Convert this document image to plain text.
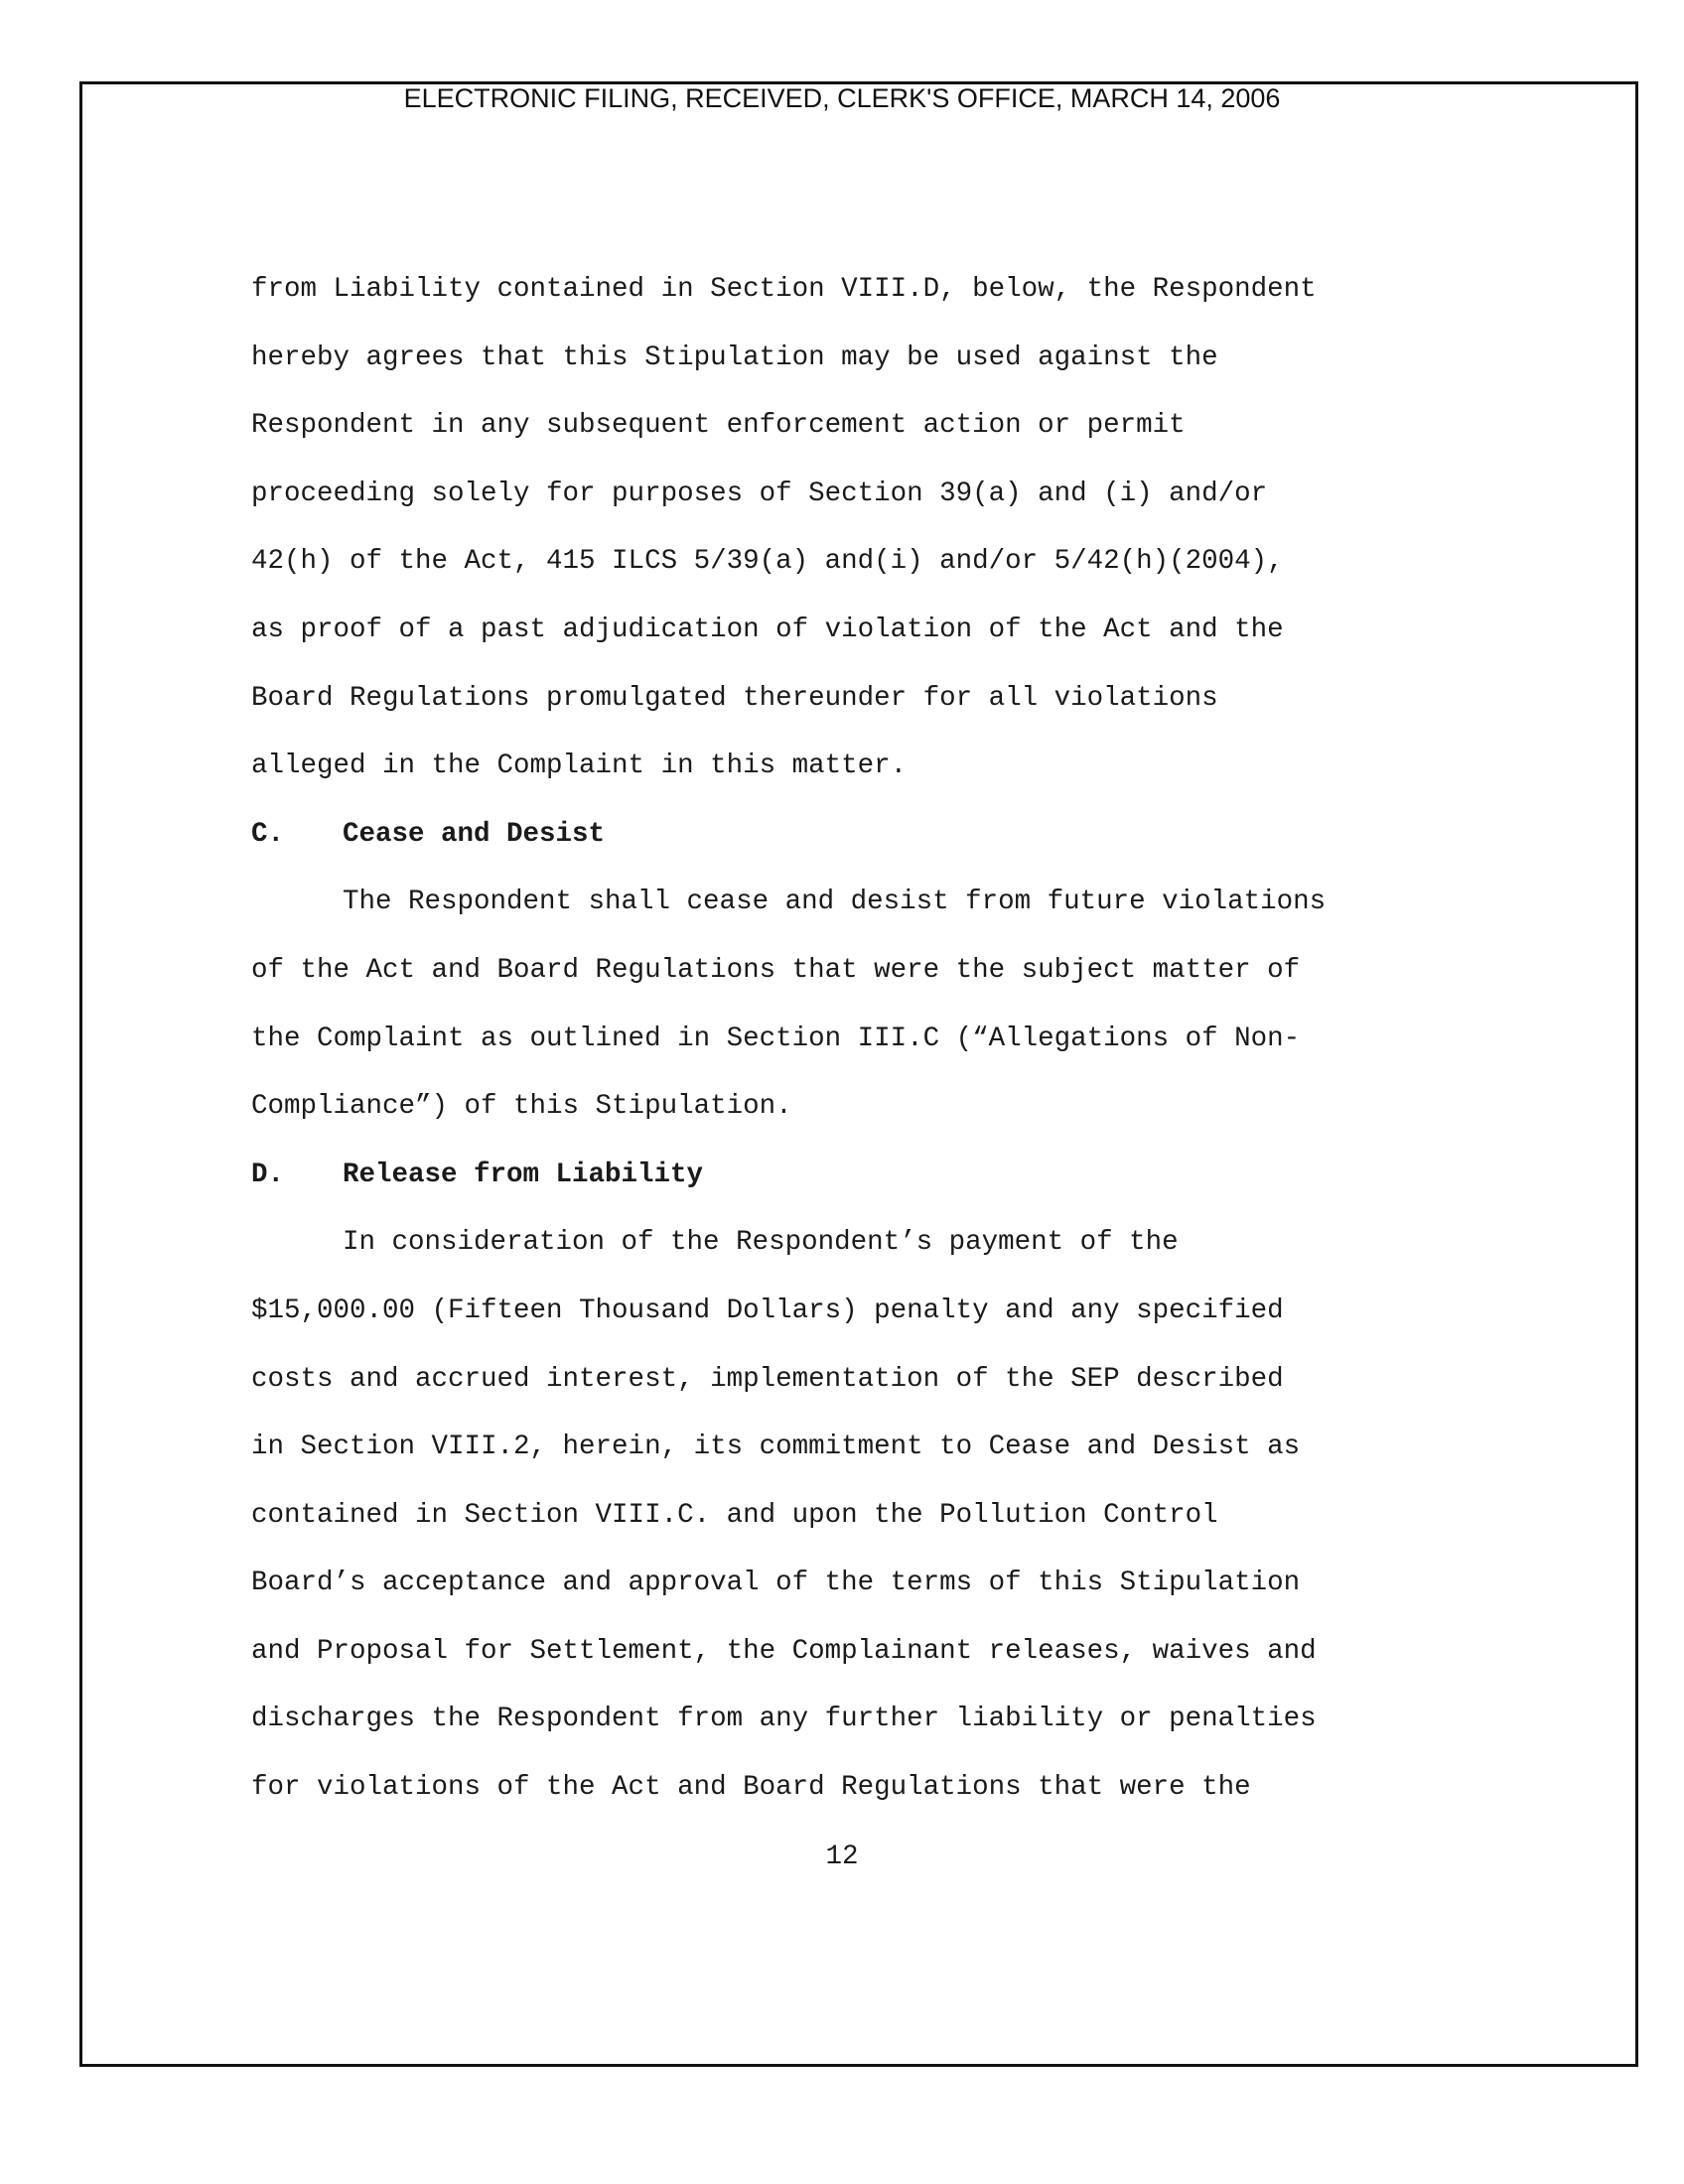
ELECTRONIC FILING, RECEIVED, CLERK'S OFFICE, MARCH 14, 2006
from Liability contained in Section VIII.D, below, the Respondent
hereby agrees that this Stipulation may be used against the
Respondent in any subsequent enforcement action or permit
proceeding solely for purposes of Section 39(a) and (i) and/or
42(h) of the Act, 415 ILCS 5/39(a) and(i) and/or 5/42(h)(2004),
as proof of a past adjudication of violation of the Act and the
Board Regulations promulgated thereunder for all violations
alleged in the Complaint in this matter.
C. Cease and Desist
The Respondent shall cease and desist from future violations
of the Act and Board Regulations that were the subject matter of
the Complaint as outlined in Section III.C (“Allegations of Non-
Compliance”) of this Stipulation.
D. Release from Liability
In consideration of the Respondent’s payment of the
$15,000.00 (Fifteen Thousand Dollars) penalty and any specified
costs and accrued interest, implementation of the SEP described
in Section VIII.2, herein, its commitment to Cease and Desist as
contained in Section VIII.C. and upon the Pollution Control
Board’s acceptance and approval of the terms of this Stipulation
and Proposal for Settlement, the Complainant releases, waives and
discharges the Respondent from any further liability or penalties
for violations of the Act and Board Regulations that were the
12
